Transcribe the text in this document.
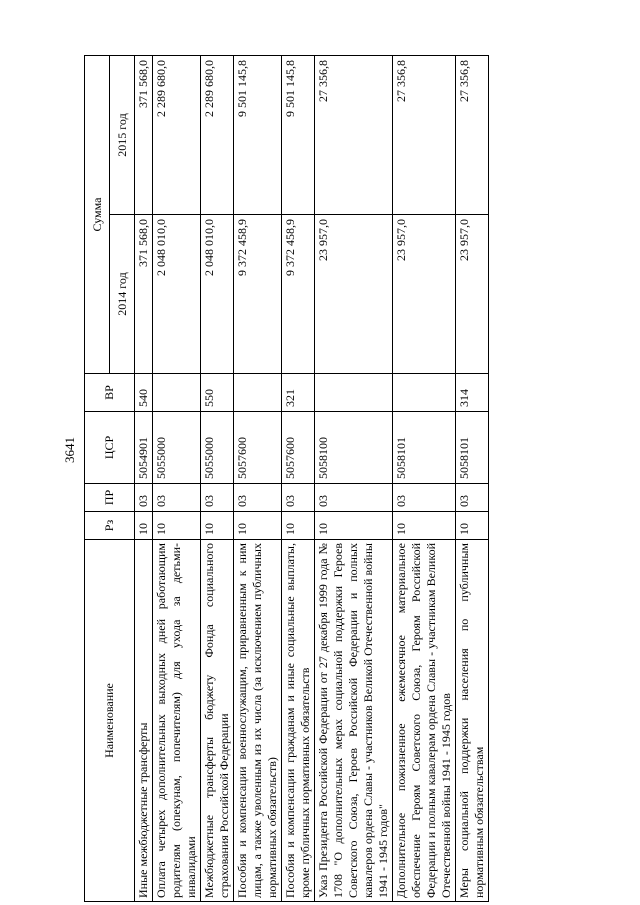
3641
Наименование	Рз	ПР	ЦСР	ВР	Сумма	
					2014 год	2015 год
Иные межбюджетные трансферты	10	03	5054901	540	371 568,0	371 568,0
Оплата четырех дополнительных выходных дней работающим родителям (опекунам, попечителям) для ухода за детьми-инвалидами	10	03	5055000		2 048 010,0	2 289 680,0
Межбюджетные трансферты бюджету Фонда социального страхования Российской Федерации	10	03	5055000	550	2 048 010,0	2 289 680,0
Пособия и компенсации военнослужащим, приравненным к ним лицам, а также уволенным из их числа (за исключением публичных нормативных обязательств)	10	03	5057600		9 372 458,9	9 501 145,8
Пособия и компенсации гражданам и иные социальные выплаты, кроме публичных нормативных обязательств	10	03	5057600	321	9 372 458,9	9 501 145,8
Указ Президента Российской Федерации от 27 декабря 1999 года № 1708 "О дополнительных мерах социальной поддержки Героев Советского Союза, Героев Российской Федерации и полных кавалеров ордена Славы - участников Великой Отечественной войны 1941 - 1945 годов"	10	03	5058100		23 957,0	27 356,8
Дополнительное пожизненное ежемесячное материальное обеспечение Героям Советского Союза, Героям Российской Федерации и полным кавалерам ордена Славы - участникам Великой Отечественной войны 1941 - 1945 годов	10	03	5058101		23 957,0	27 356,8
Меры социальной поддержки населения по публичным нормативным обязательствам	10	03	5058101	314	23 957,0	27 356,8
